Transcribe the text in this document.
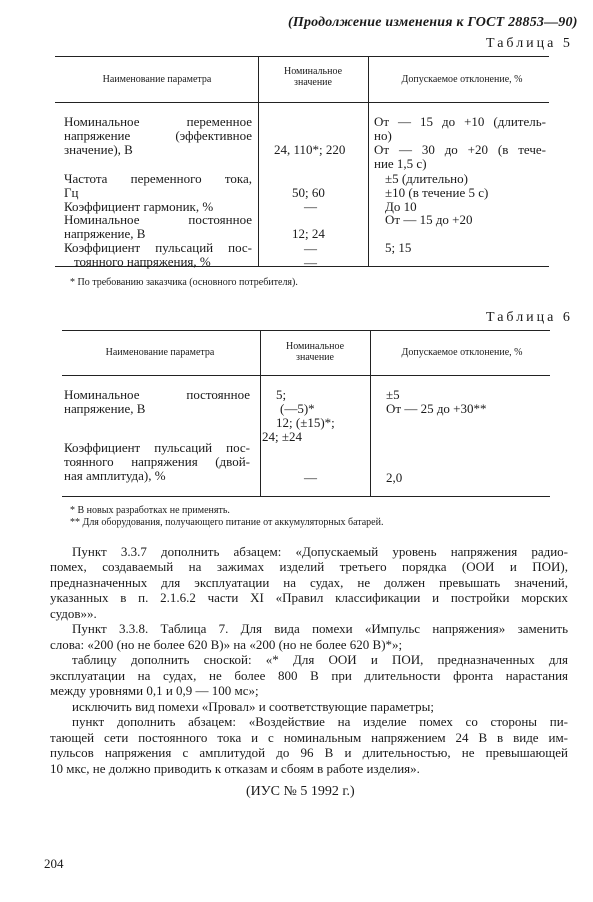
(Продолжение изменения к ГОСТ 28853—90)
Таблица 5
Наименование параметра
Номинальное значение	Допускаемое отклонение, %
Номинальное переменное
напряжение (эффективное
значение), В
Частота переменного тока,
Гц
Коэффициент гармоник, %
Номинальное постоянное
напряжение, В
Коэффициент пульсаций пос-
тоянного напряжения, %
24, 110*; 220
50; 60
—
12; 24
—
—
От — 15 до +10 (длитель-
но)
От — 30 до +20 (в тече-
ние 1,5 с)
±5 (длительно)
±10 (в течение 5 с)
До 10
От — 15 до +20
5; 15
* По требованию заказчика (основного потребителя).
Таблица 6
Наименование параметра
Номинальное значение	Допускаемое отклонение, %
Номинальное постоянное
напряжение, В
Коэффициент пульсаций пос-
тоянного напряжения (двой-
ная амплитуда), %
5;
(—5)*
12; (±15)*;
24; ±24
—
±5
От — 25 до +30**
2,0
* В новых разработках не применять.
** Для оборудования, получающего питание от аккумуляторных батарей.
Пункт 3.3.7 дополнить абзацем: «Допускаемый уровень напряжения радио-
помех, создаваемый на зажимах изделий третьего порядка (ООИ и ПОИ),
предназначенных для эксплуатации на судах, не должен превышать значений,
указанных в п. 2.1.6.2 части XI «Правил классификации и постройки морских
судов»».
Пункт 3.3.8. Таблица 7. Для вида помехи «Импульс напряжения» заменить
слова: «200 (но не более 620 В)» на «200 (но не более 620 В)*»;
таблицу дополнить сноской: «* Для ООИ и ПОИ, предназначенных для
эксплуатации на судах, не более 800 В при длительности фронта нарастания
между уровнями 0,1 и 0,9 — 100 мс»;
исключить вид помехи «Провал» и соответствующие параметры;
пункт дополнить абзацем: «Воздействие на изделие помех со стороны пи-
тающей сети постоянного тока и с номинальным напряжением 24 В в виде им-
пульсов напряжения с амплитудой до 96 В и длительностью, не превышающей
10 мкс, не должно приводить к отказам и сбоям в работе изделия».
(ИУС № 5 1992 г.)
204
